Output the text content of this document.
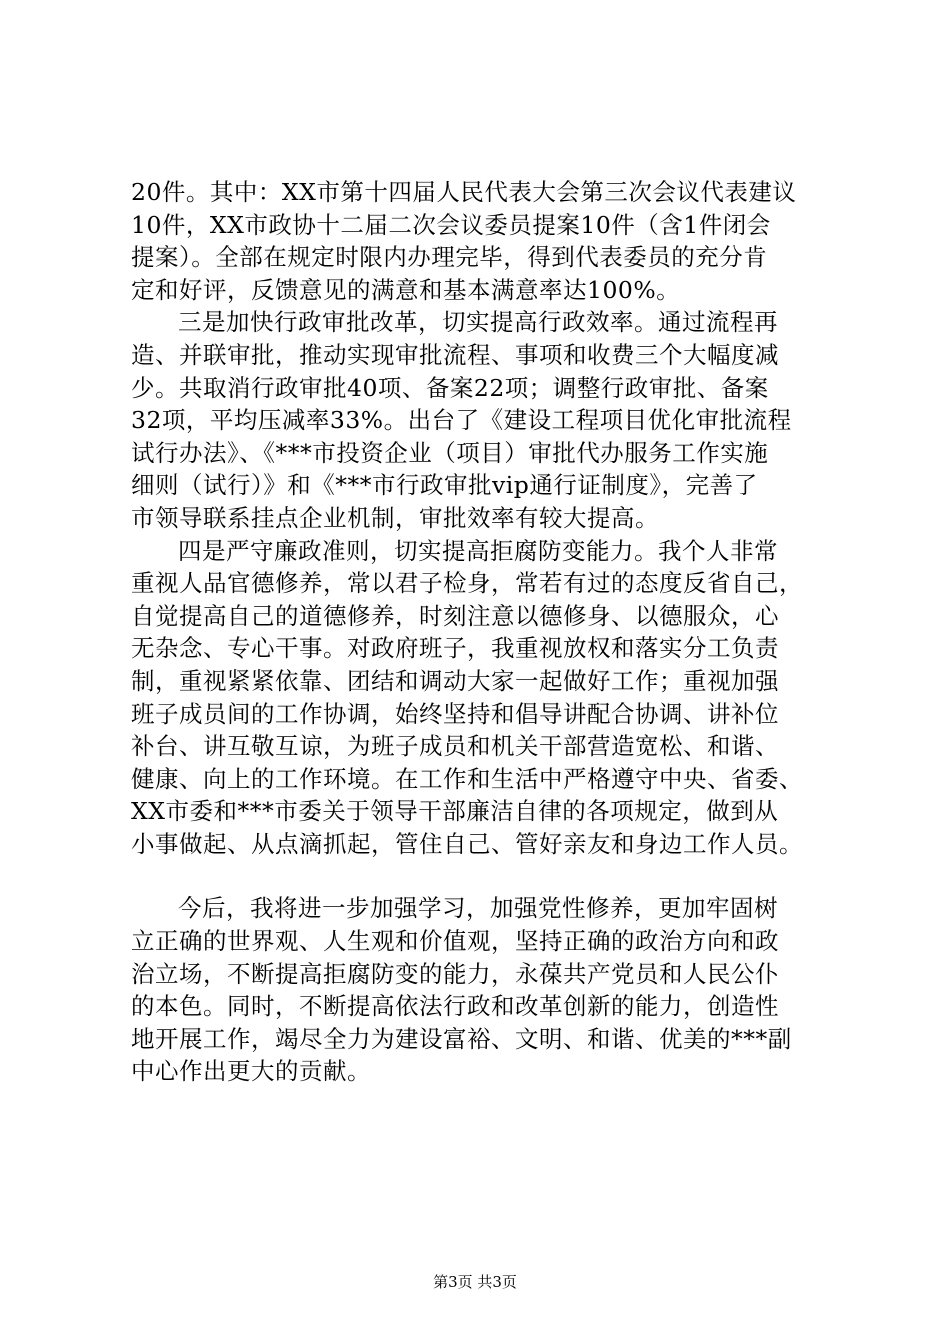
20件。其中：XX市第十四届人民代表大会第三次会议代表建议
10件，XX市政协十二届二次会议委员提案10件（含1件闭会
提案）。全部在规定时限内办理完毕，得到代表委员的充分肯
定和好评，反馈意见的满意和基本满意率达100%。
三是加快行政审批改革，切实提高行政效率。通过流程再
造、并联审批，推动实现审批流程、事项和收费三个大幅度减
少。共取消行政审批40项、备案22项；调整行政审批、备案
32项，平均压减率33%。出台了《建设工程项目优化审批流程
试行办法》、《***市投资企业（项目）审批代办服务工作实施
细则（试行）》和《***市行政审批vip通行证制度》，完善了
市领导联系挂点企业机制，审批效率有较大提高。
四是严守廉政准则，切实提高拒腐防变能力。我个人非常
重视人品官德修养，常以君子检身，常若有过的态度反省自己，
自觉提高自己的道德修养，时刻注意以德修身、以德服众，心
无杂念、专心干事。对政府班子，我重视放权和落实分工负责
制，重视紧紧依靠、团结和调动大家一起做好工作；重视加强
班子成员间的工作协调，始终坚持和倡导讲配合协调、讲补位
补台、讲互敬互谅，为班子成员和机关干部营造宽松、和谐、
健康、向上的工作环境。在工作和生活中严格遵守中央、省委、
XX市委和***市委关于领导干部廉洁自律的各项规定，做到从
小事做起、从点滴抓起，管住自己、管好亲友和身边工作人员。
今后，我将进一步加强学习，加强党性修养，更加牢固树
立正确的世界观、人生观和价值观，坚持正确的政治方向和政
治立场，不断提高拒腐防变的能力，永葆共产党员和人民公仆
的本色。同时，不断提高依法行政和改革创新的能力，创造性
地开展工作，竭尽全力为建设富裕、文明、和谐、优美的***副
中心作出更大的贡献。
第3页 共3页
